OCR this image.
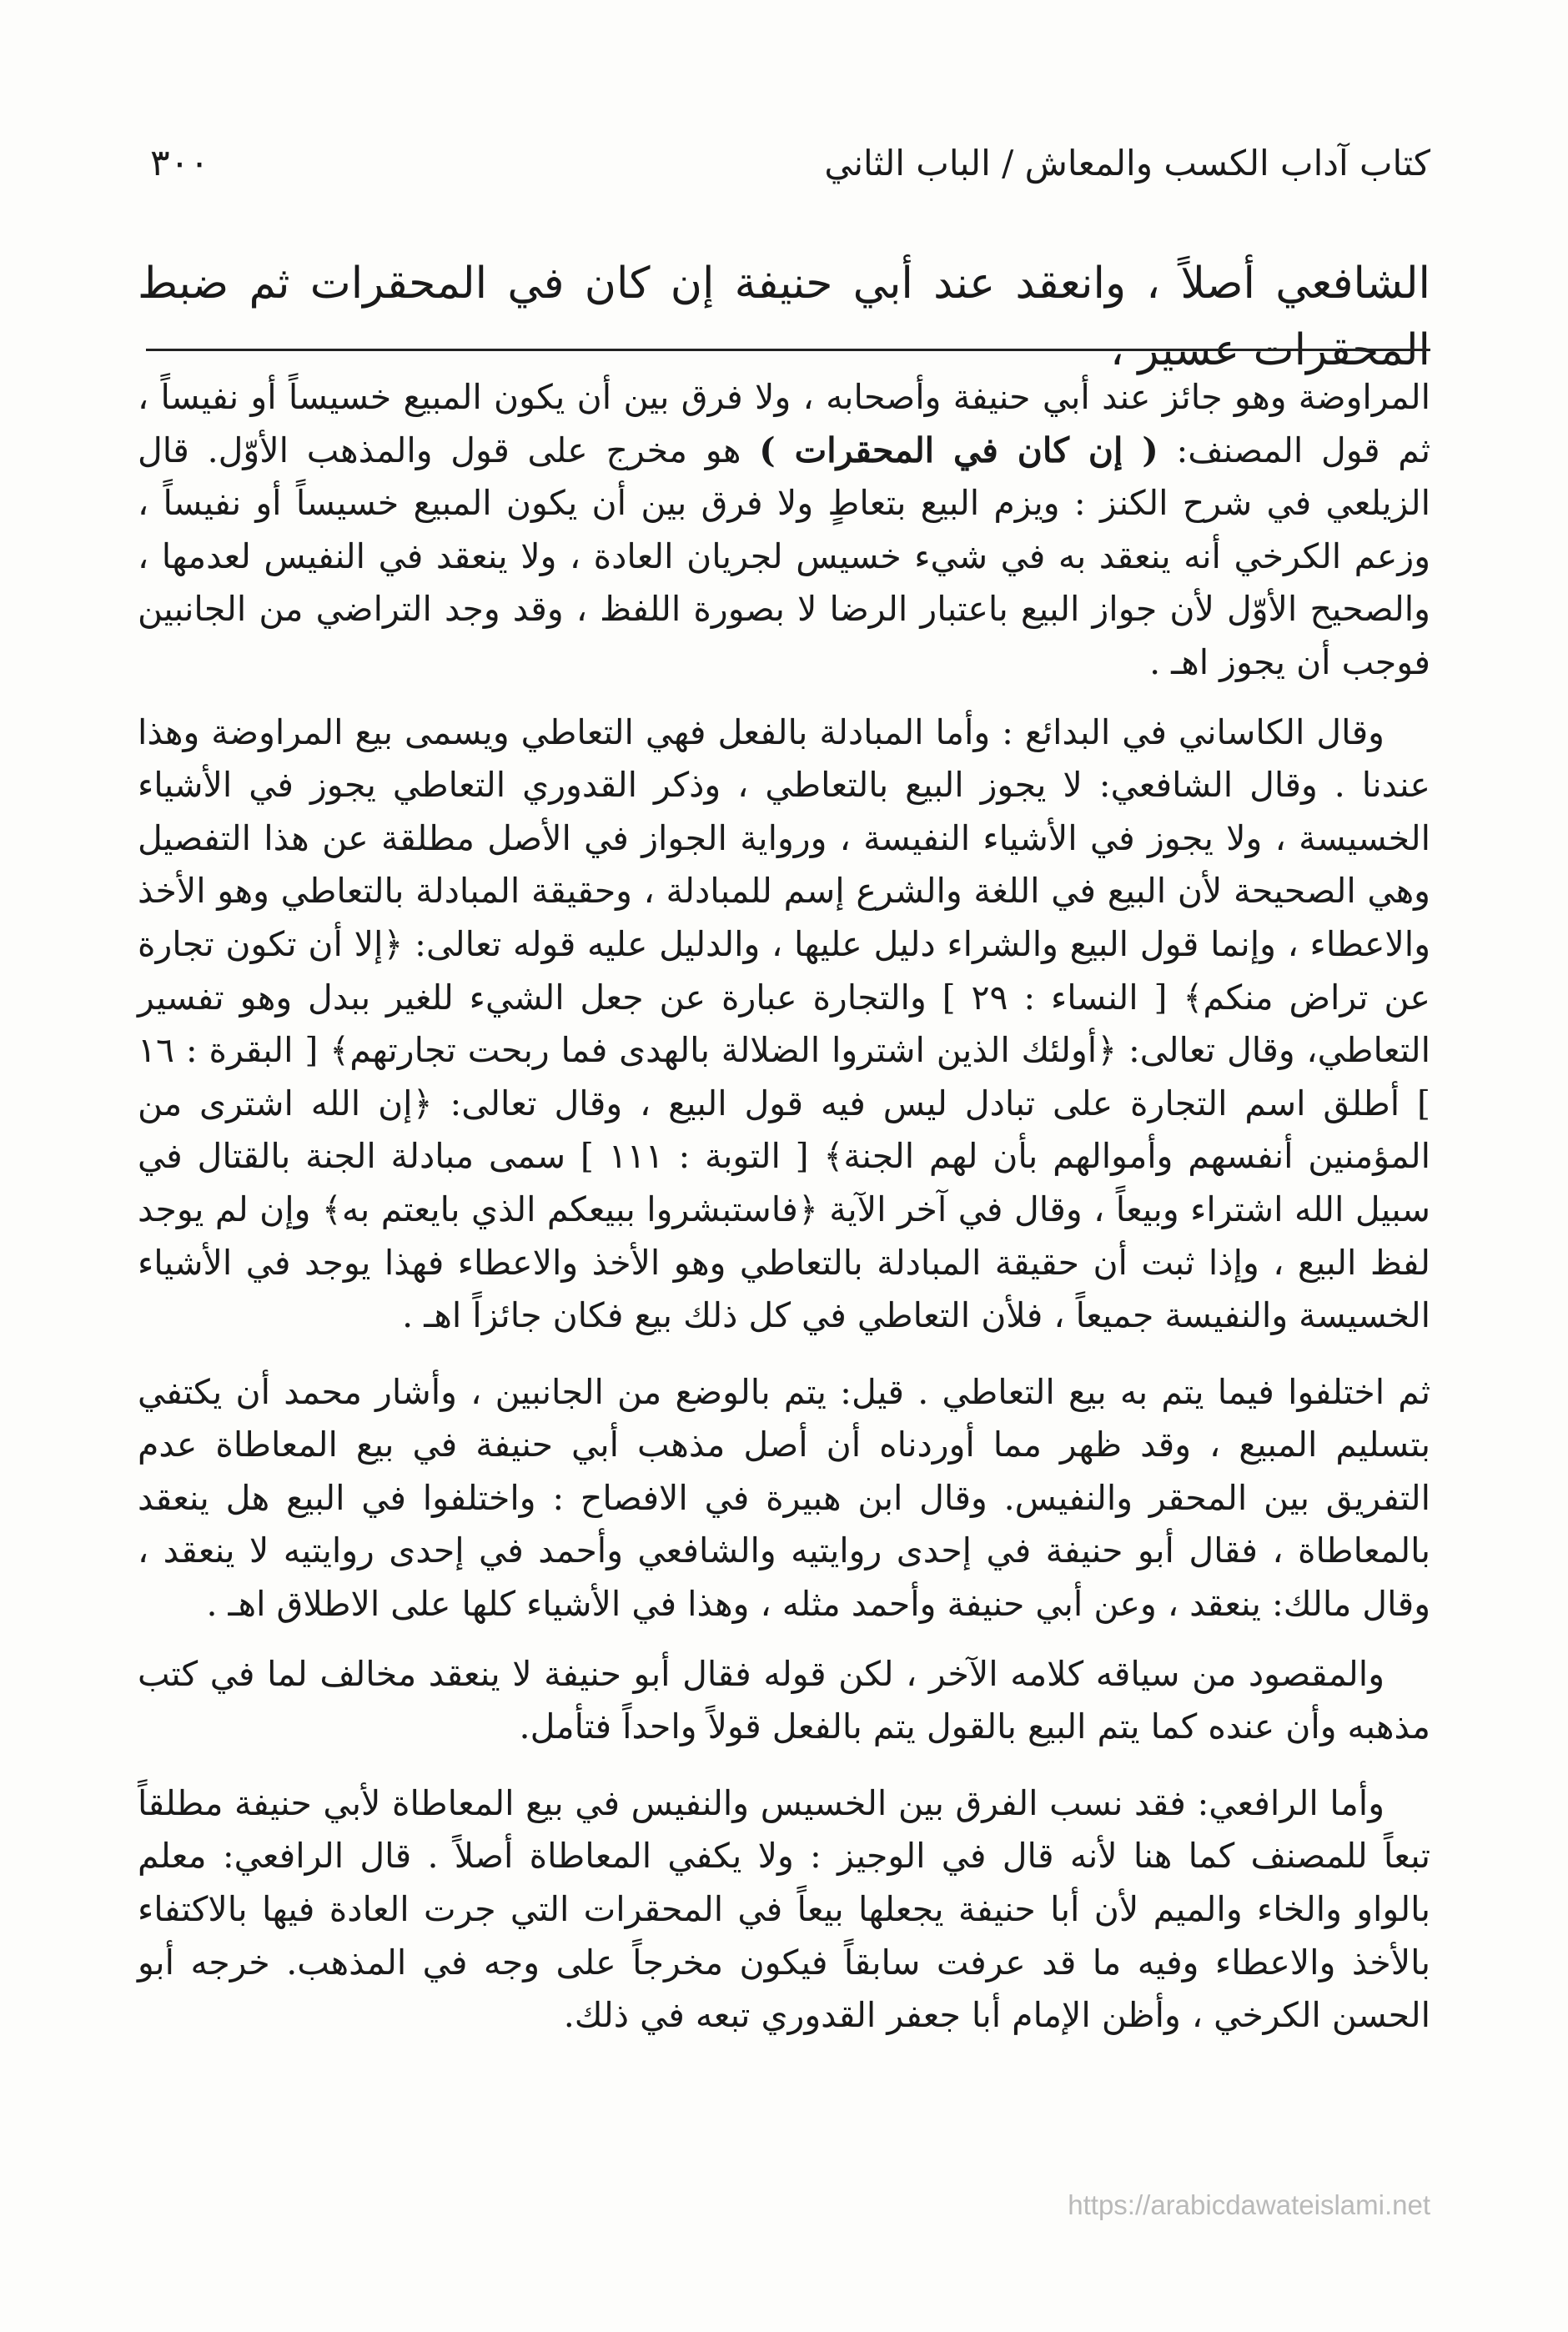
كتاب آداب الكسب والمعاش / الباب الثاني
٣٠٠

الشافعي أصلاً ، وانعقد عند أبي حنيفة إن كان في المحقرات ثم ضبط المحقرات عسير ،

المراوضة وهو جائز عند أبي حنيفة وأصحابه ، ولا فرق بين أن يكون المبيع خسيساً أو نفيساً ، ثم قول المصنف: ( إن كان في المحقرات ) هو مخرج على قول والمذهب الأوّل. قال الزيلعي في شرح الكنز : ويزم البيع بتعاطٍ ولا فرق بين أن يكون المبيع خسيساً أو نفيساً ، وزعم الكرخي أنه ينعقد به في شيء خسيس لجريان العادة ، ولا ينعقد في النفيس لعدمها ، والصحيح الأوّل لأن جواز البيع باعتبار الرضا لا بصورة اللفظ ، وقد وجد التراضي من الجانبين فوجب أن يجوز اهـ .

وقال الكاساني في البدائع : وأما المبادلة بالفعل فهي التعاطي ويسمى بيع المراوضة وهذا عندنا . وقال الشافعي: لا يجوز البيع بالتعاطي ، وذكر القدوري التعاطي يجوز في الأشياء الخسيسة ، ولا يجوز في الأشياء النفيسة ، ورواية الجواز في الأصل مطلقة عن هذا التفصيل وهي الصحيحة لأن البيع في اللغة والشرع إسم للمبادلة ، وحقيقة المبادلة بالتعاطي وهو الأخذ والاعطاء ، وإنما قول البيع والشراء دليل عليها ، والدليل عليه قوله تعالى: ﴿إلا أن تكون تجارة عن تراض منكم﴾ [ النساء : ٢٩ ] والتجارة عبارة عن جعل الشيء للغير ببدل وهو تفسير التعاطي، وقال تعالى: ﴿أولئك الذين اشتروا الضلالة بالهدى فما ربحت تجارتهم﴾ [ البقرة : ١٦ ] أطلق اسم التجارة على تبادل ليس فيه قول البيع ، وقال تعالى: ﴿إن الله اشترى من المؤمنين أنفسهم وأموالهم بأن لهم الجنة﴾ [ التوبة : ١١١ ] سمى مبادلة الجنة بالقتال في سبيل الله اشتراء وبيعاً ، وقال في آخر الآية ﴿فاستبشروا ببيعكم الذي بايعتم به﴾ وإن لم يوجد لفظ البيع ، وإذا ثبت أن حقيقة المبادلة بالتعاطي وهو الأخذ والاعطاء فهذا يوجد في الأشياء الخسيسة والنفيسة جميعاً ، فلأن التعاطي في كل ذلك بيع فكان جائزاً اهـ .

ثم اختلفوا فيما يتم به بيع التعاطي . قيل: يتم بالوضع من الجانبين ، وأشار محمد أن يكتفي بتسليم المبيع ، وقد ظهر مما أوردناه أن أصل مذهب أبي حنيفة في بيع المعاطاة عدم التفريق بين المحقر والنفيس. وقال ابن هبيرة في الافصاح : واختلفوا في البيع هل ينعقد بالمعاطاة ، فقال أبو حنيفة في إحدى روايتيه والشافعي وأحمد في إحدى روايتيه لا ينعقد ، وقال مالك: ينعقد ، وعن أبي حنيفة وأحمد مثله ، وهذا في الأشياء كلها على الاطلاق اهـ .

والمقصود من سياقه كلامه الآخر ، لكن قوله فقال أبو حنيفة لا ينعقد مخالف لما في كتب مذهبه وأن عنده كما يتم البيع بالقول يتم بالفعل قولاً واحداً فتأمل.

وأما الرافعي: فقد نسب الفرق بين الخسيس والنفيس في بيع المعاطاة لأبي حنيفة مطلقاً تبعاً للمصنف كما هنا لأنه قال في الوجيز : ولا يكفي المعاطاة أصلاً . قال الرافعي: معلم بالواو والخاء والميم لأن أبا حنيفة يجعلها بيعاً في المحقرات التي جرت العادة فيها بالاكتفاء بالأخذ والاعطاء وفيه ما قد عرفت سابقاً فيكون مخرجاً على وجه في المذهب. خرجه أبو الحسن الكرخي ، وأظن الإمام أبا جعفر القدوري تبعه في ذلك.

https://arabicdawateislami.net
